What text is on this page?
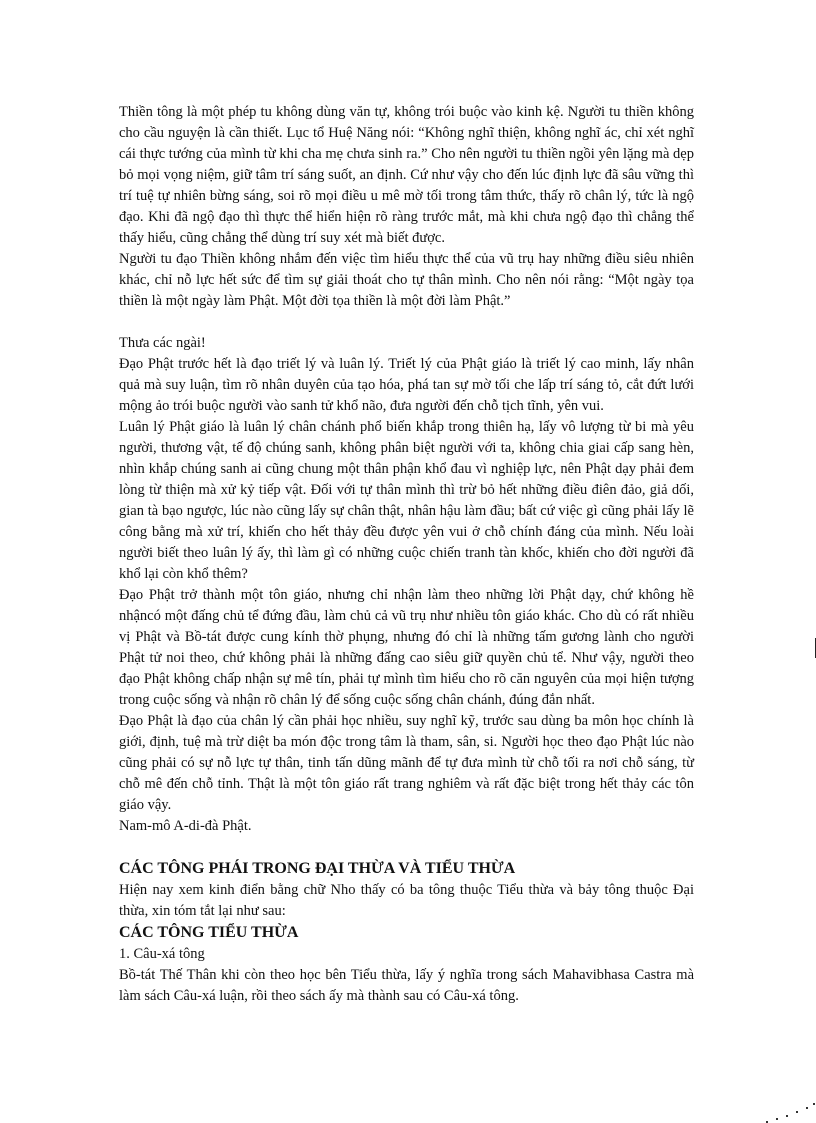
Thiền tông là một phép tu không dùng văn tự, không trói buộc vào kinh kệ. Người tu thiền không cho cầu nguyện là cần thiết. Lục tổ Huệ Năng nói: “Không nghĩ thiện, không nghĩ ác, chỉ xét nghĩ cái thực tướng của mình từ khi cha mẹ chưa sinh ra.” Cho nên người tu thiền ngồi yên lặng mà dẹp bỏ mọi vọng niệm, giữ tâm trí sáng suốt, an định. Cứ như vậy cho đến lúc định lực đã sâu vững thì trí tuệ tự nhiên bừng sáng, soi rõ mọi điều u mê mờ tối trong tâm thức, thấy rõ chân lý, tức là ngộ đạo. Khi đã ngộ đạo thì thực thể hiển hiện rõ ràng trước mắt, mà khi chưa ngộ đạo thì chẳng thể thấy hiểu, cũng chẳng thể dùng trí suy xét mà biết được.

Người tu đạo Thiền không nhắm đến việc tìm hiểu thực thể của vũ trụ hay những điều siêu nhiên khác, chỉ nỗ lực hết sức để tìm sự giải thoát cho tự thân mình. Cho nên nói rằng: “Một ngày tọa thiền là một ngày làm Phật. Một đời tọa thiền là một đời làm Phật.”

Thưa các ngài!

Đạo Phật trước hết là đạo triết lý và luân lý. Triết lý của Phật giáo là triết lý cao minh, lấy nhân quả mà suy luận, tìm rõ nhân duyên của tạo hóa, phá tan sự mờ tối che lấp trí sáng tỏ, cắt đứt lưới mộng ảo trói buộc người vào sanh tử khổ não, đưa người đến chỗ tịch tĩnh, yên vui.

Luân lý Phật giáo là luân lý chân chánh phổ biến khắp trong thiên hạ, lấy vô lượng từ bi mà yêu người, thương vật, tế độ chúng sanh, không phân biệt người với ta, không chia giai cấp sang hèn, nhìn khắp chúng sanh ai cũng chung một thân phận khổ đau vì nghiệp lực, nên Phật dạy phải đem lòng từ thiện mà xử kỷ tiếp vật. Đối với tự thân mình thì trừ bỏ hết những điều điên đảo, giả dối, gian tà bạo ngược, lúc nào cũng lấy sự chân thật, nhân hậu làm đầu; bất cứ việc gì cũng phải lấy lẽ công bằng mà xử trí, khiến cho hết thảy đều được yên vui ở chỗ chính đáng của mình. Nếu loài người biết theo luân lý ấy, thì làm gì có những cuộc chiến tranh tàn khốc, khiến cho đời người đã khổ lại còn khổ thêm?

Đạo Phật trở thành một tôn giáo, nhưng chỉ nhận làm theo những lời Phật dạy, chứ không hề nhậncó một đấng chủ tể đứng đầu, làm chủ cả vũ trụ như nhiều tôn giáo khác. Cho dù có rất nhiều vị Phật và Bồ-tát được cung kính thờ phụng, nhưng đó chỉ là những tấm gương lành cho người Phật tử noi theo, chứ không phải là những đấng cao siêu giữ quyền chủ tể. Như vậy, người theo đạo Phật không chấp nhận sự mê tín, phải tự mình tìm hiểu cho rõ căn nguyên của mọi hiện tượng trong cuộc sống và nhận rõ chân lý để sống cuộc sống chân chánh, đúng đắn nhất.

Đạo Phật là đạo của chân lý cần phải học nhiều, suy nghĩ kỹ, trước sau dùng ba môn học chính là giới, định, tuệ mà trừ diệt ba món độc trong tâm là tham, sân, si. Người học theo đạo Phật lúc nào cũng phải có sự nỗ lực tự thân, tinh tấn dũng mãnh để tự đưa mình từ chỗ tối ra nơi chỗ sáng, từ chỗ mê đến chỗ tỉnh. Thật là một tôn giáo rất trang nghiêm và rất đặc biệt trong hết thảy các tôn giáo vậy.

Nam-mô A-di-đà Phật.

CÁC TÔNG PHÁI TRONG ĐẠI THỪA VÀ TIỂU THỪA

Hiện nay xem kinh điển bằng chữ Nho thấy có ba tông thuộc Tiểu thừa và bảy tông thuộc Đại thừa, xin tóm tắt lại như sau:

CÁC TÔNG TIỂU THỪA

1. Câu-xá tông

Bồ-tát Thế Thân khi còn theo học bên Tiểu thừa, lấy ý nghĩa trong sách Mahavibhasa Castra mà làm sách Câu-xá luận, rồi theo sách ấy mà thành sau có Câu-xá tông.
